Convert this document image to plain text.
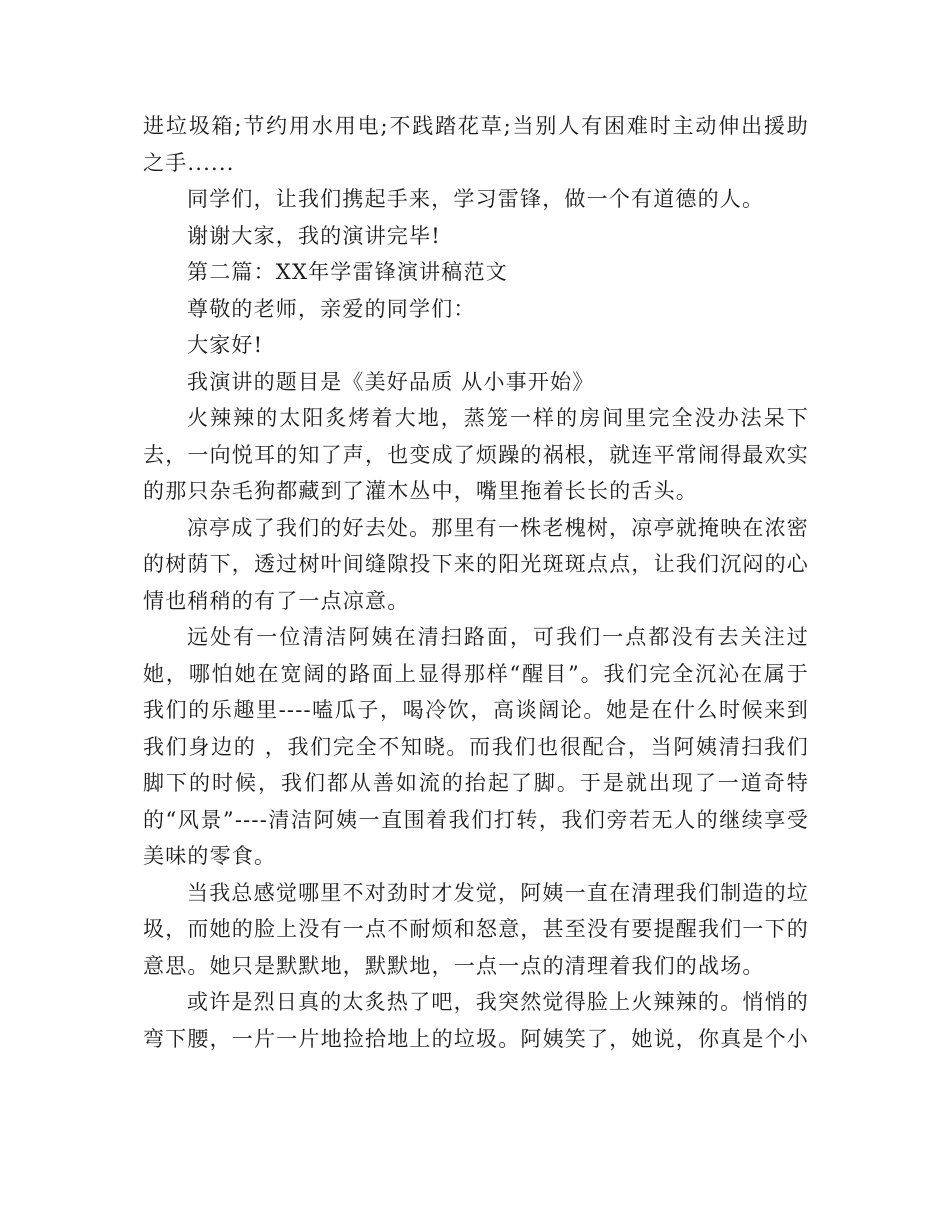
进垃圾箱;节约用水用电;不践踏花草;当别人有困难时主动伸出援助之手......

同学们，让我们携起手来，学习雷锋，做一个有道德的人。

谢谢大家，我的演讲完毕!

第二篇：XX年学雷锋演讲稿范文

尊敬的老师，亲爱的同学们：

大家好!

我演讲的题目是《美好品质 从小事开始》

火辣辣的太阳炙烤着大地，蒸笼一样的房间里完全没办法呆下去，一向悦耳的知了声，也变成了烦躁的祸根，就连平常闹得最欢实的那只杂毛狗都藏到了灌木丛中，嘴里拖着长长的舌头。

凉亭成了我们的好去处。那里有一株老槐树，凉亭就掩映在浓密的树荫下，透过树叶间缝隙投下来的阳光斑斑点点，让我们沉闷的心情也稍稍的有了一点凉意。

远处有一位清洁阿姨在清扫路面，可我们一点都没有去关注过她，哪怕她在宽阔的路面上显得那样“醒目”。我们完全沉沁在属于我们的乐趣里----嗑瓜子，喝冷饮，高谈阔论。她是在什么时候来到我们身边的 ，我们完全不知晓。而我们也很配合，当阿姨清扫我们脚下的时候，我们都从善如流的抬起了脚。于是就出现了一道奇特的“风景”----清洁阿姨一直围着我们打转，我们旁若无人的继续享受美味的零食。

当我总感觉哪里不对劲时才发觉，阿姨一直在清理我们制造的垃圾，而她的脸上没有一点不耐烦和怒意，甚至没有要提醒我们一下的意思。她只是默默地，默默地，一点一点的清理着我们的战场。

或许是烈日真的太炙热了吧，我突然觉得脸上火辣辣的。悄悄的弯下腰，一片一片地捡拾地上的垃圾。阿姨笑了，她说，你真是个小
